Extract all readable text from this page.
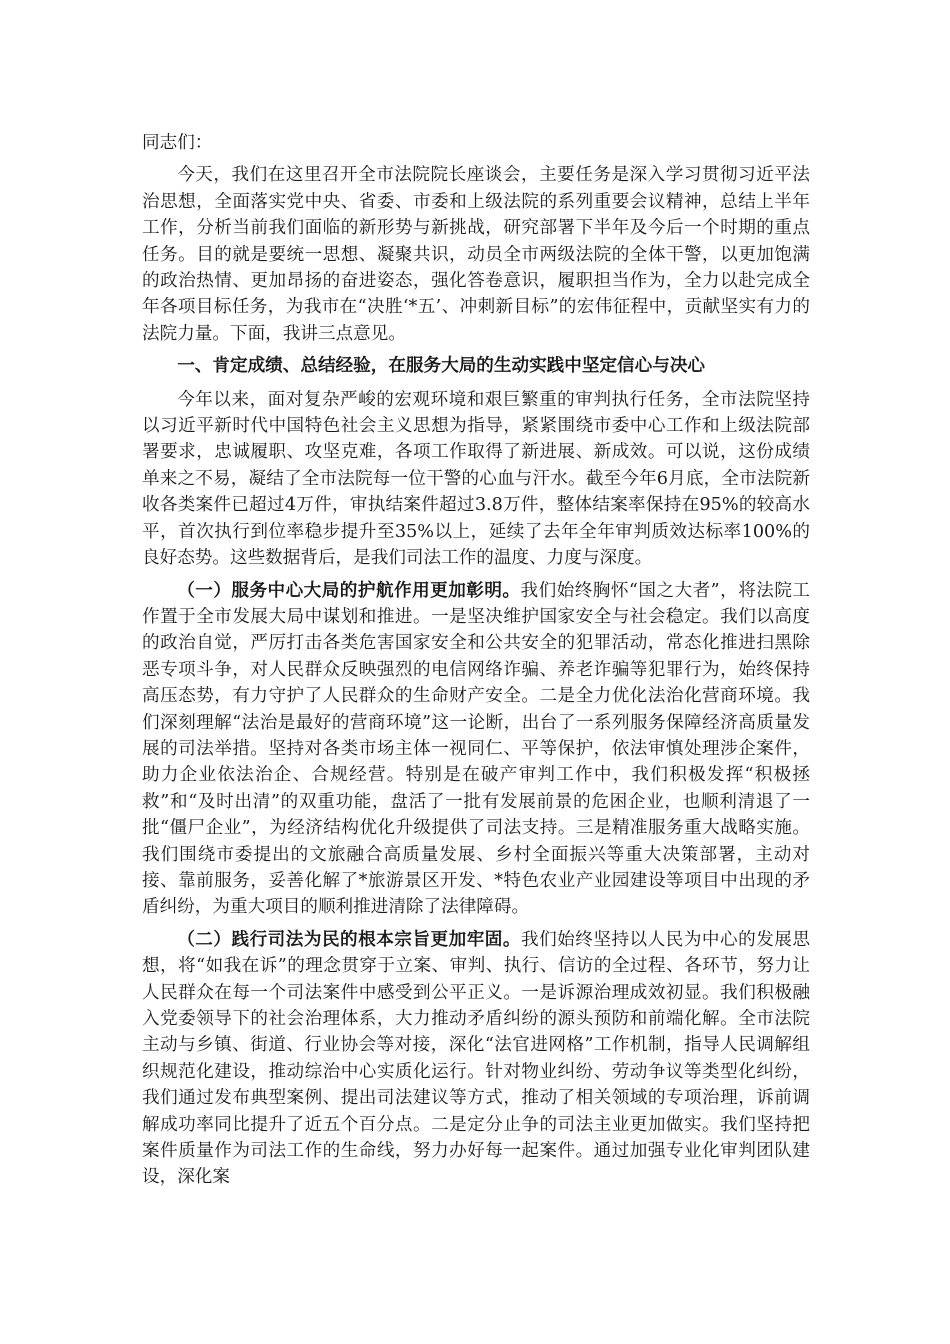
同志们：

今天，我们在这里召开全市法院院长座谈会，主要任务是深入学习贯彻习近平法治思想，全面落实党中央、省委、市委和上级法院的系列重要会议精神，总结上半年工作，分析当前我们面临的新形势与新挑战，研究部署下半年及今后一个时期的重点任务。目的就是要统一思想、凝聚共识，动员全市两级法院的全体干警，以更加饱满的政治热情、更加昂扬的奋进姿态，强化答卷意识，履职担当作为，全力以赴完成全年各项目标任务，为我市在“决胜‘*五’、冲刺新目标”的宏伟征程中，贡献坚实有力的法院力量。下面，我讲三点意见。

一、肯定成绩、总结经验，在服务大局的生动实践中坚定信心与决心

今年以来，面对复杂严峻的宏观环境和艰巨繁重的审判执行任务，全市法院坚持以习近平新时代中国特色社会主义思想为指导，紧紧围绕市委中心工作和上级法院部署要求，忠诚履职、攻坚克难，各项工作取得了新进展、新成效。可以说，这份成绩单来之不易，凝结了全市法院每一位干警的心血与汗水。截至今年6月底，全市法院新收各类案件已超过4万件，审执结案件超过3.8万件，整体结案率保持在95%的较高水平，首次执行到位率稳步提升至35%以上，延续了去年全年审判质效达标率100%的良好态势。这些数据背后，是我们司法工作的温度、力度与深度。

（一）服务中心大局的护航作用更加彰明。我们始终胸怀“国之大者”，将法院工作置于全市发展大局中谋划和推进。一是坚决维护国家安全与社会稳定。我们以高度的政治自觉，严厉打击各类危害国家安全和公共安全的犯罪活动，常态化推进扫黑除恶专项斗争，对人民群众反映强烈的电信网络诈骗、养老诈骗等犯罪行为，始终保持高压态势，有力守护了人民群众的生命财产安全。二是全力优化法治化营商环境。我们深刻理解“法治是最好的营商环境”这一论断，出台了一系列服务保障经济高质量发展的司法举措。坚持对各类市场主体一视同仁、平等保护，依法审慎处理涉企案件，助力企业依法治企、合规经营。特别是在破产审判工作中，我们积极发挥“积极拯救”和“及时出清”的双重功能，盘活了一批有发展前景的危困企业，也顺利清退了一批“僵尸企业”，为经济结构优化升级提供了司法支持。三是精准服务重大战略实施。我们围绕市委提出的文旅融合高质量发展、乡村全面振兴等重大决策部署，主动对接、靠前服务，妥善化解了*旅游景区开发、*特色农业产业园建设等项目中出现的矛盾纠纷，为重大项目的顺利推进清除了法律障碍。

（二）践行司法为民的根本宗旨更加牢固。我们始终坚持以人民为中心的发展思想，将“如我在诉”的理念贯穿于立案、审判、执行、信访的全过程、各环节，努力让人民群众在每一个司法案件中感受到公平正义。一是诉源治理成效初显。我们积极融入党委领导下的社会治理体系，大力推动矛盾纠纷的源头预防和前端化解。全市法院主动与乡镇、街道、行业协会等对接，深化“法官进网格”工作机制，指导人民调解组织规范化建设，推动综治中心实质化运行。针对物业纠纷、劳动争议等类型化纠纷，我们通过发布典型案例、提出司法建议等方式，推动了相关领域的专项治理，诉前调解成功率同比提升了近五个百分点。二是定分止争的司法主业更加做实。我们坚持把案件质量作为司法工作的生命线，努力办好每一起案件。通过加强专业化审判团队建设，深化案
